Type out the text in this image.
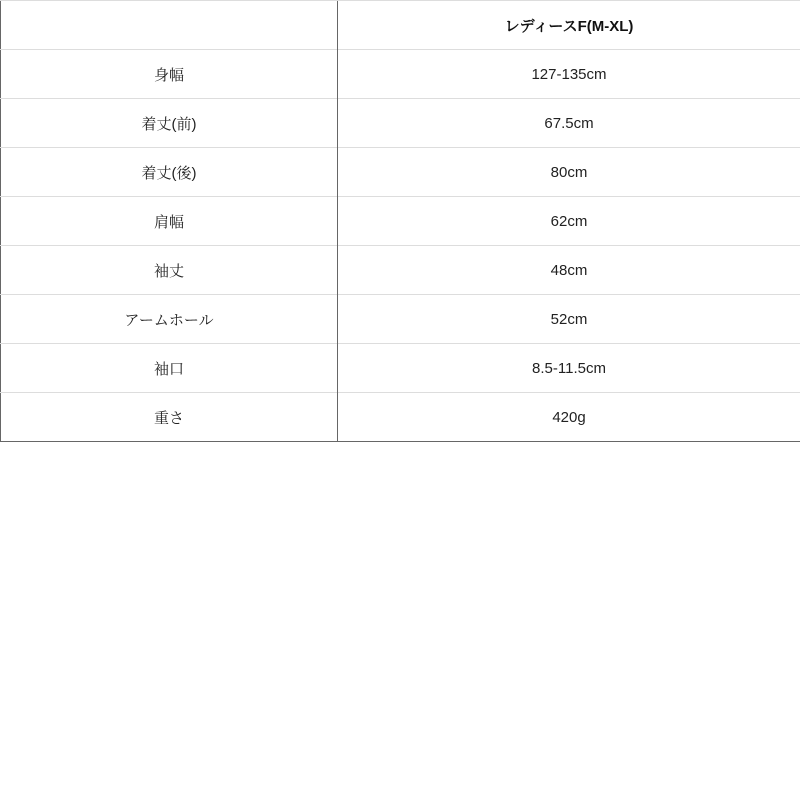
	レディースF(M-XL)
身幅	127-135cm
着丈(前)	67.5cm
着丈(後)	80cm
肩幅	62cm
袖丈	48cm
アームホール	52cm
袖口	8.5-11.5cm
重さ	420g
